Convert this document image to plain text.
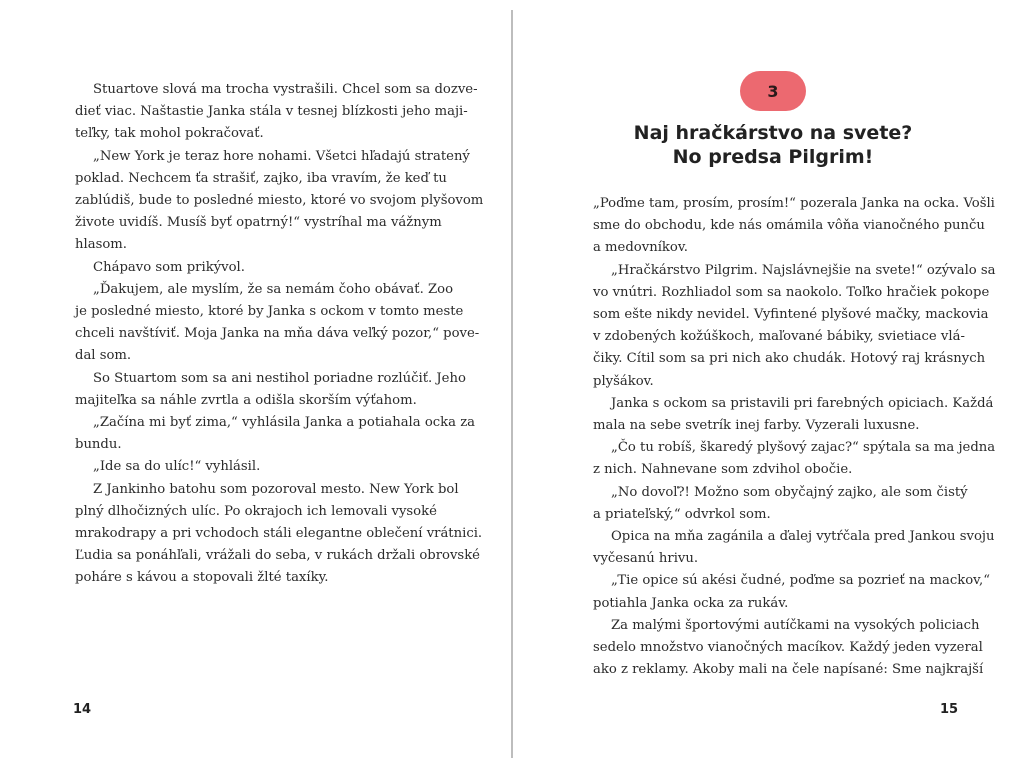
Stuartove slová ma trocha vystrašili. Chcel som sa dozve-
dieť viac. Naštastie Janka stála v tesnej blízkosti jeho maji-
teľky, tak mohol pokračovať.
„New York je teraz hore nohami. Všetci hľadajú stratený
poklad. Nechcem ťa strašiť, zajko, iba vravím, že keď tu
zablúdiš, bude to posledné miesto, ktoré vo svojom plyšovom
živote uvidíš. Musíš byť opatrný!“ vystríhal ma vážnym
hlasom.
Chápavo som prikývol.
„Ďakujem, ale myslím, že sa nemám čoho obávať. Zoo
je posledné miesto, ktoré by Janka s ockom v tomto meste
chceli navštíviť. Moja Janka na mňa dáva veľký pozor,“ pove-
dal som.
So Stuartom som sa ani nestihol poriadne rozlúčiť. Jeho
majiteľka sa náhle zvrtla a odišla skorším výťahom.
„Začína mi byť zima,“ vyhlásila Janka a potiahala ocka za
bundu.
„Ide sa do ulíc!“ vyhlásil.
Z Jankinho batohu som pozoroval mesto. New York bol
plný dlhočizných ulíc. Po okrajoch ich lemovali vysoké
mrakodrapy a pri vchodoch stáli elegantne oblečení vrátnici.
Ľudia sa ponáhľali, vrážali do seba, v rukách držali obrovské
poháre s kávou a stopovali žlté taxíky.
14
3
Naj hračkárstvo na svete?
No predsa Pilgrim!
„Poďme tam, prosím, prosím!“ pozerala Janka na ocka. Vošli
sme do obchodu, kde nás omámila vôňa vianočného punču
a medovníkov.
„Hračkárstvo Pilgrim. Najslávnejšie na svete!“ ozývalo sa
vo vnútri. Rozhliadol som sa naokolo. Toľko hračiek pokope
som ešte nikdy nevidel. Vyfintené plyšové mačky, mackovia
v zdobených kožúškoch, maľované bábiky, svietiace vlá-
čiky. Cítil som sa pri nich ako chudák. Hotový raj krásnych
plyšákov.
Janka s ockom sa pristavili pri farebných opiciach. Každá
mala na sebe svetrík inej farby. Vyzerali luxusne.
„Čo tu robíš, škaredý plyšový zajac?“ spýtala sa ma jedna
z nich. Nahnevane som zdvihol obočie.
„No dovoľ?! Možno som obyčajný zajko, ale som čistý
a priateľský,“ odvrkol som.
Opica na mňa zagánila a ďalej vytŕčala pred Jankou svoju
vyčesanú hrivu.
„Tie opice sú akési čudné, poďme sa pozrieť na mackov,“
potiahla Janka ocka za rukáv.
Za malými športovými autíčkami na vysokých policiach
sedelo množstvo vianočných macíkov. Každý jeden vyzeral
ako z reklamy. Akoby mali na čele napísané: Sme najkrajší
15
